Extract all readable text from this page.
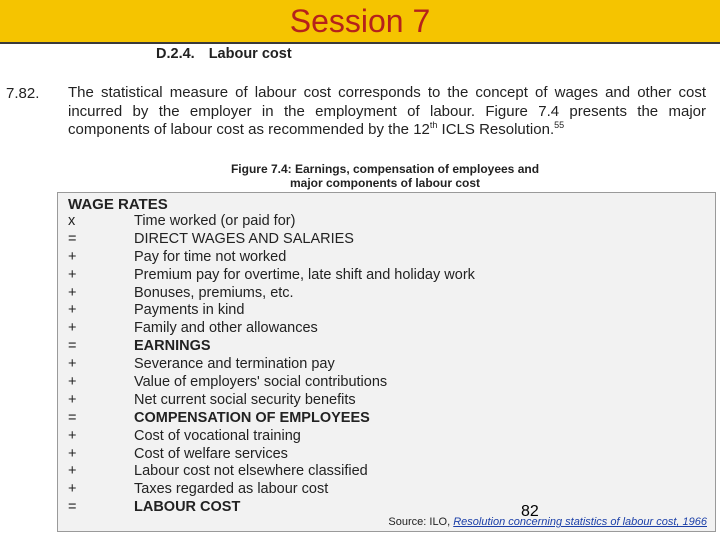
Session 7
D.2.4. Labour cost
7.82. The statistical measure of labour cost corresponds to the concept of wages and other cost incurred by the employer in the employment of labour. Figure 7.4 presents the major components of labour cost as recommended by the 12th ICLS Resolution.$^{55}$
Figure 7.4: Earnings, compensation of employees and
major components of labour cost
WAGE RATES
x	Time worked (or paid for)
=	DIRECT WAGES AND SALARIES
+	Pay for time not worked
+	Premium pay for overtime, late shift and holiday work
+	Bonuses, premiums, etc.
+	Payments in kind
+	Family and other allowances
=	EARNINGS
+	Severance and termination pay
+	Value of employers' social contributions
+	Net current social security benefits
=	COMPENSATION OF EMPLOYEES
+	Cost of vocational training
+	Cost of welfare services
+	Labour cost not elsewhere classified
+	Taxes regarded as labour cost
=	LABOUR COST
Source: ILO, Resolution concerning statistics of labour cost, 1966
82
